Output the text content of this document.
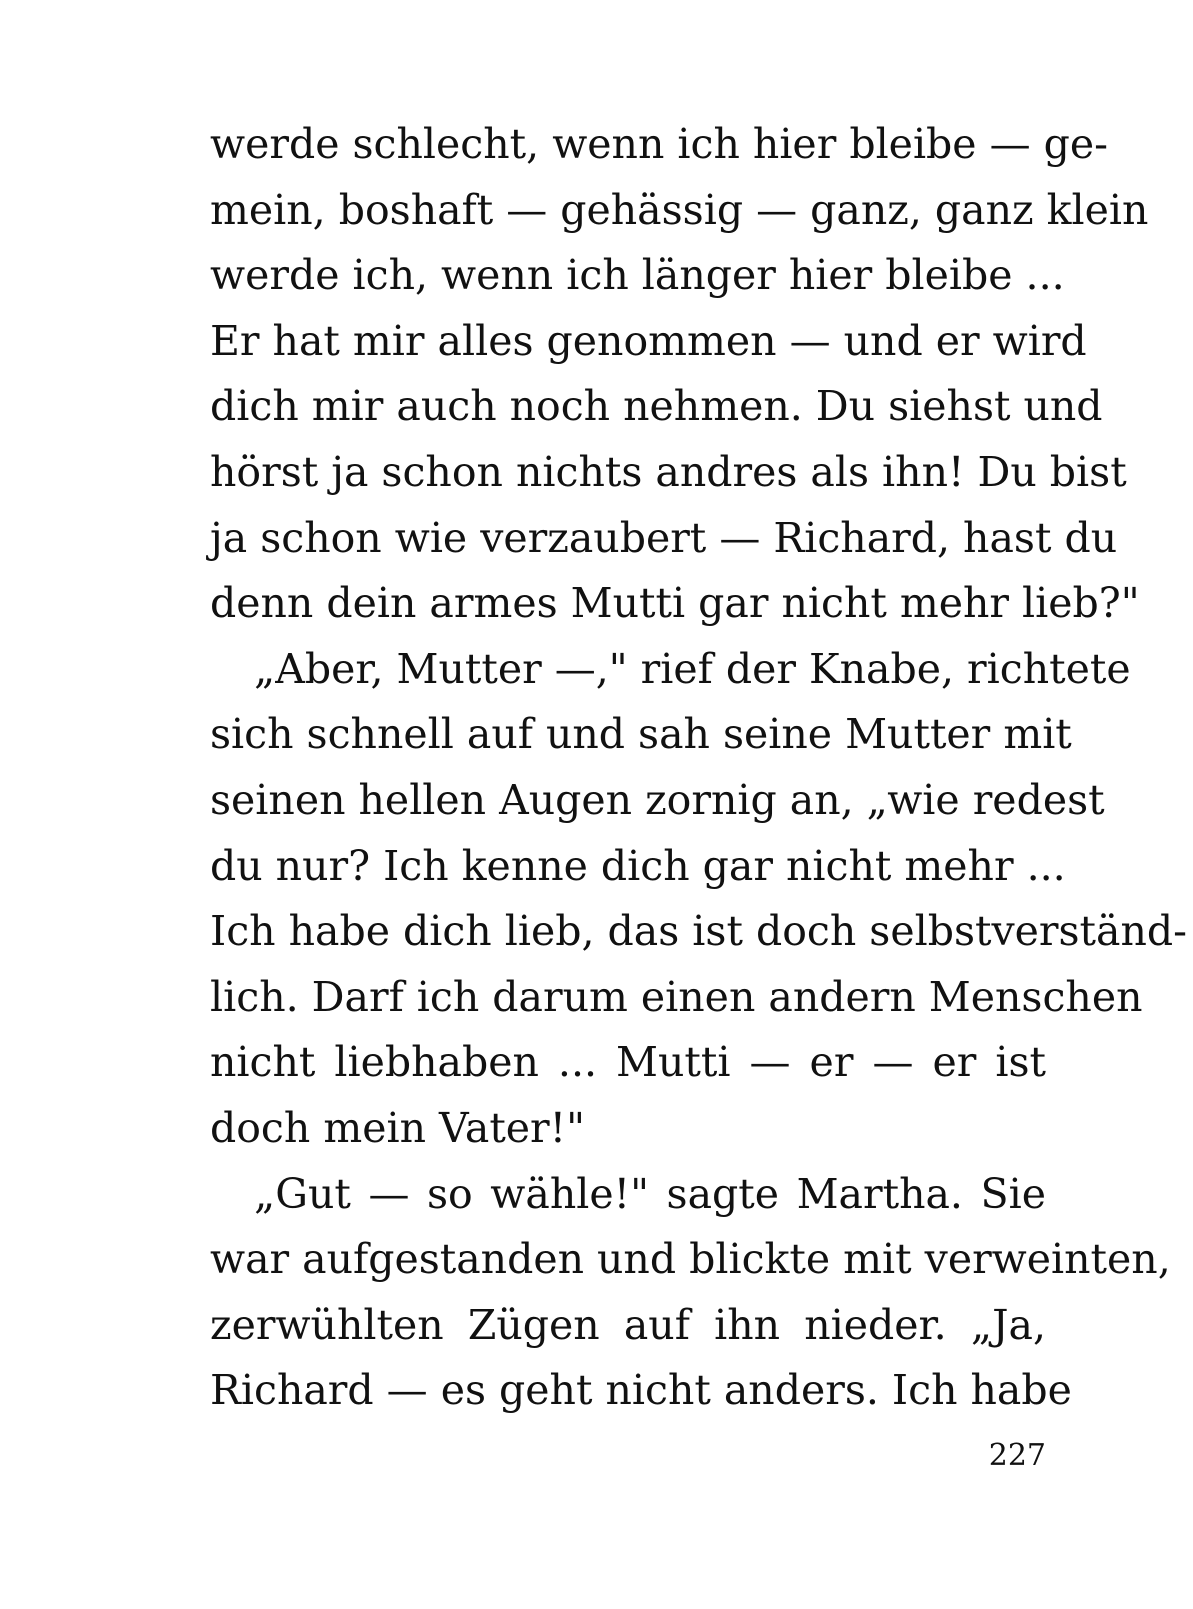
werde schlecht, wenn ich hier bleibe — ge-
mein, boshaft — gehässig — ganz, ganz klein
werde ich, wenn ich länger hier bleibe ...
Er hat mir alles genommen — und er wird
dich mir auch noch nehmen. Du siehst und
hörst ja schon nichts andres als ihn! Du bist
ja schon wie verzaubert — Richard, hast du
denn dein armes Mutti gar nicht mehr lieb?"
„Aber, Mutter —," rief der Knabe, richtete
sich schnell auf und sah seine Mutter mit
seinen hellen Augen zornig an, „wie redest
du nur? Ich kenne dich gar nicht mehr ...
Ich habe dich lieb, das ist doch selbstverständ-
lich. Darf ich darum einen andern Menschen
nicht liebhaben ... Mutti — er — er ist
doch mein Vater!"
„Gut — so wähle!" sagte Martha. Sie
war aufgestanden und blickte mit verweinten,
zerwühlten Zügen auf ihn nieder. „Ja,
Richard — es geht nicht anders. Ich habe
227
